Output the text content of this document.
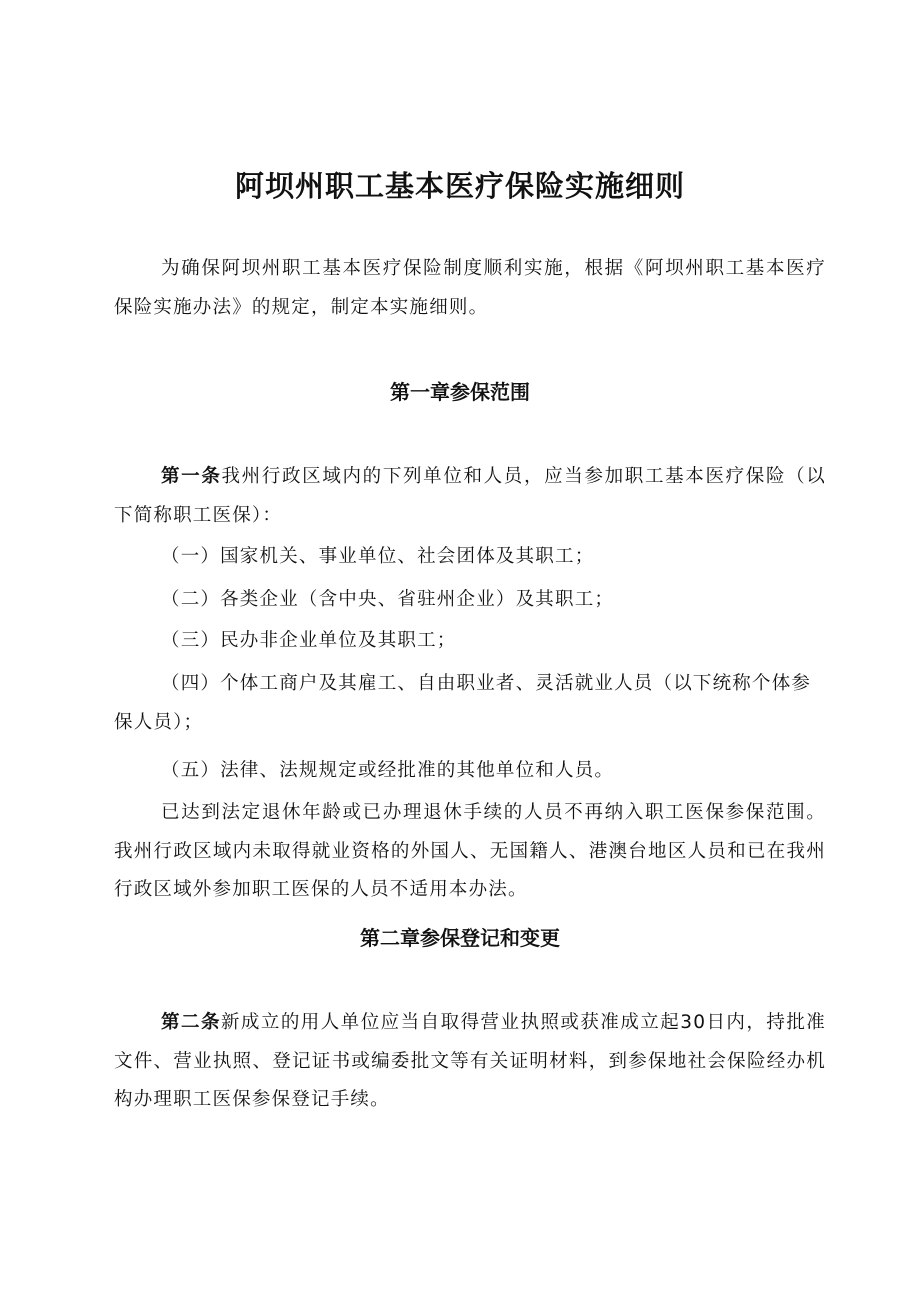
阿坝州职工基本医疗保险实施细则
为确保阿坝州职工基本医疗保险制度顺利实施，根据《阿坝州职工基本医疗保险实施办法》的规定，制定本实施细则。
第一章参保范围
第一条我州行政区域内的下列单位和人员，应当参加职工基本医疗保险（以下简称职工医保）：
（一）国家机关、事业单位、社会团体及其职工；
（二）各类企业（含中央、省驻州企业）及其职工；
（三）民办非企业单位及其职工；
（四）个体工商户及其雇工、自由职业者、灵活就业人员（以下统称个体参保人员）；
（五）法律、法规规定或经批准的其他单位和人员。
已达到法定退休年龄或已办理退休手续的人员不再纳入职工医保参保范围。我州行政区域内未取得就业资格的外国人、无国籍人、港澳台地区人员和已在我州行政区域外参加职工医保的人员不适用本办法。
第二章参保登记和变更
第二条新成立的用人单位应当自取得营业执照或获准成立起30日内，持批准文件、营业执照、登记证书或编委批文等有关证明材料，到参保地社会保险经办机构办理职工医保参保登记手续。
